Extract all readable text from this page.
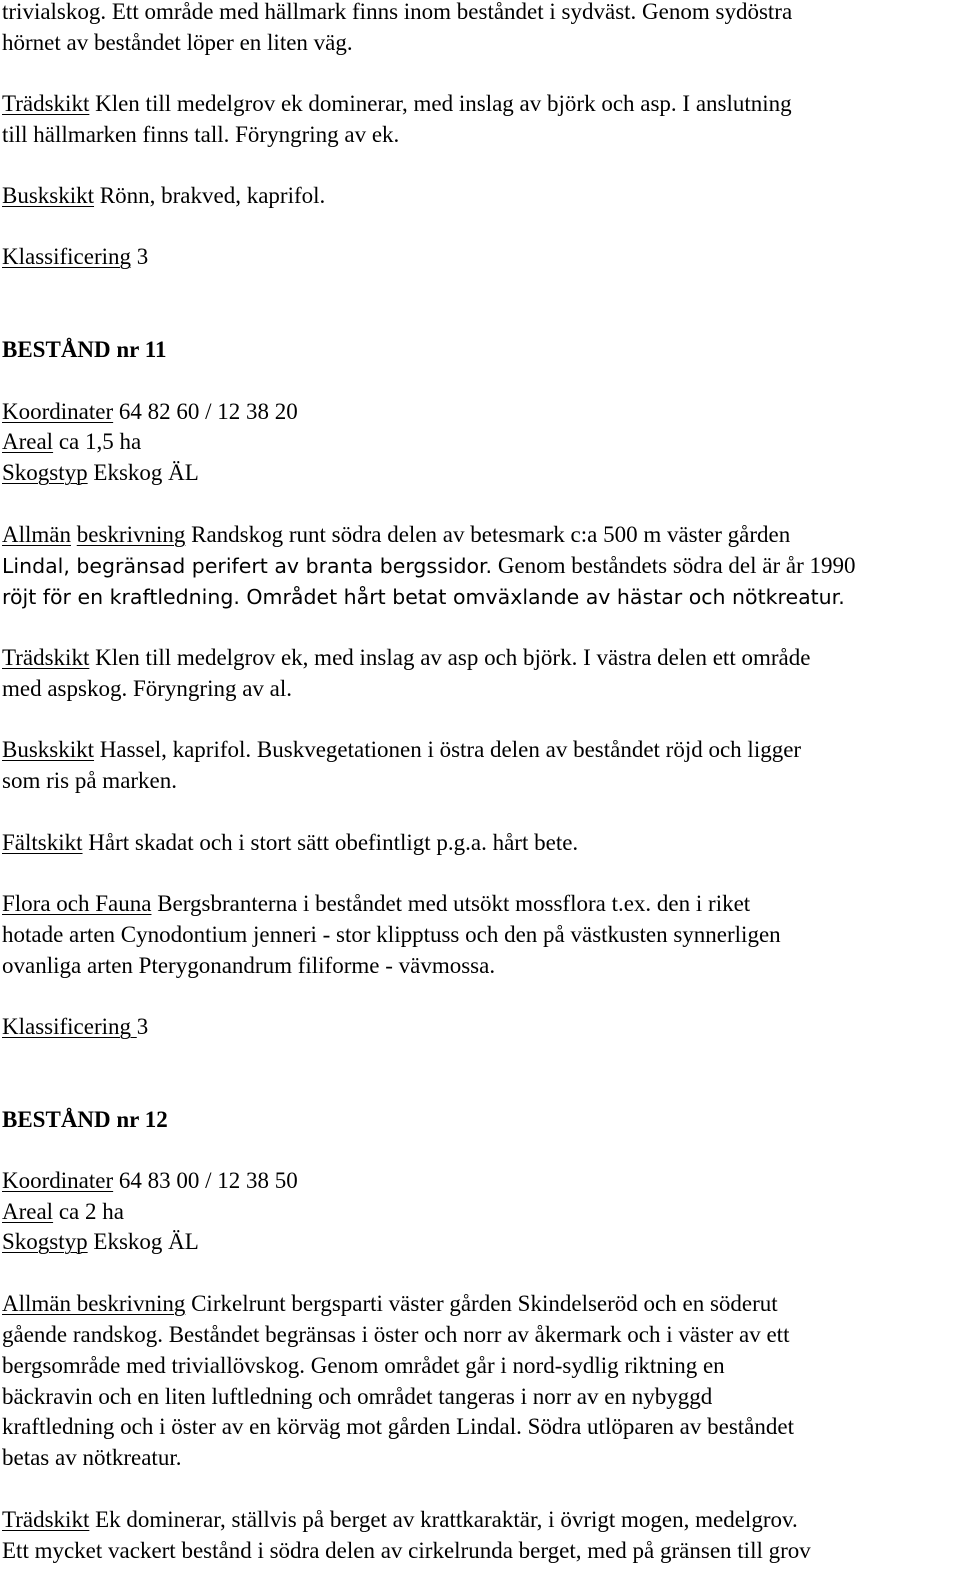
trivialskog. Ett område med hällmark finns inom beståndet i sydväst. Genom sydöstra
hörnet av beståndet löper en liten väg.
Trädskikt Klen till medelgrov ek dominerar, med inslag av björk och asp. I anslutning
till hällmarken finns tall. Föryngring av ek.
Buskskikt Rönn, brakved, kaprifol.
Klassificering 3
BESTÅND nr 11
Koordinater 64 82 60 / 12 38 20
Areal ca 1,5 ha
Skogstyp Ekskog ÄL
Allmän beskrivning Randskog runt södra delen av betesmark c:a 500 m väster gården
Lindal, begränsad perifert av branta bergssidor. Genom beståndets södra del är år 1990
röjt för en kraftledning. Området hårt betat omväxlande av hästar och nötkreatur.
Trädskikt Klen till medelgrov ek, med inslag av asp och björk. I västra delen ett område
med aspskog. Föryngring av al.
Buskskikt Hassel, kaprifol. Buskvegetationen i östra delen av beståndet röjd och ligger
som ris på marken.
Fältskikt Hårt skadat och i stort sätt obefintligt p.g.a. hårt bete.
Flora och Fauna Bergsbranterna i beståndet med utsökt mossflora t.ex. den i riket
hotade arten Cynodontium jenneri - stor klipptuss och den på västkusten synnerligen
ovanliga arten Pterygonandrum filiforme - vävmossa.
Klassificering 3
BESTÅND nr 12
Koordinater 64 83 00 / 12 38 50
Areal ca 2 ha
Skogstyp Ekskog ÄL
Allmän beskrivning Cirkelrunt bergsparti väster gården Skindelseröd och en söderut
gående randskog. Beståndet begränsas i öster och norr av åkermark och i väster av ett
bergsområde med triviallövskog. Genom området går i nord-sydlig riktning en
bäckravin och en liten luftledning och området tangeras i norr av en nybyggd
kraftledning och i öster av en körväg mot gården Lindal. Södra utlöparen av beståndet
betas av nötkreatur.
Trädskikt Ek dominerar, ställvis på berget av krattkaraktär, i övrigt mogen, medelgrov.
Ett mycket vackert bestånd i södra delen av cirkelrunda berget, med på gränsen till grov
